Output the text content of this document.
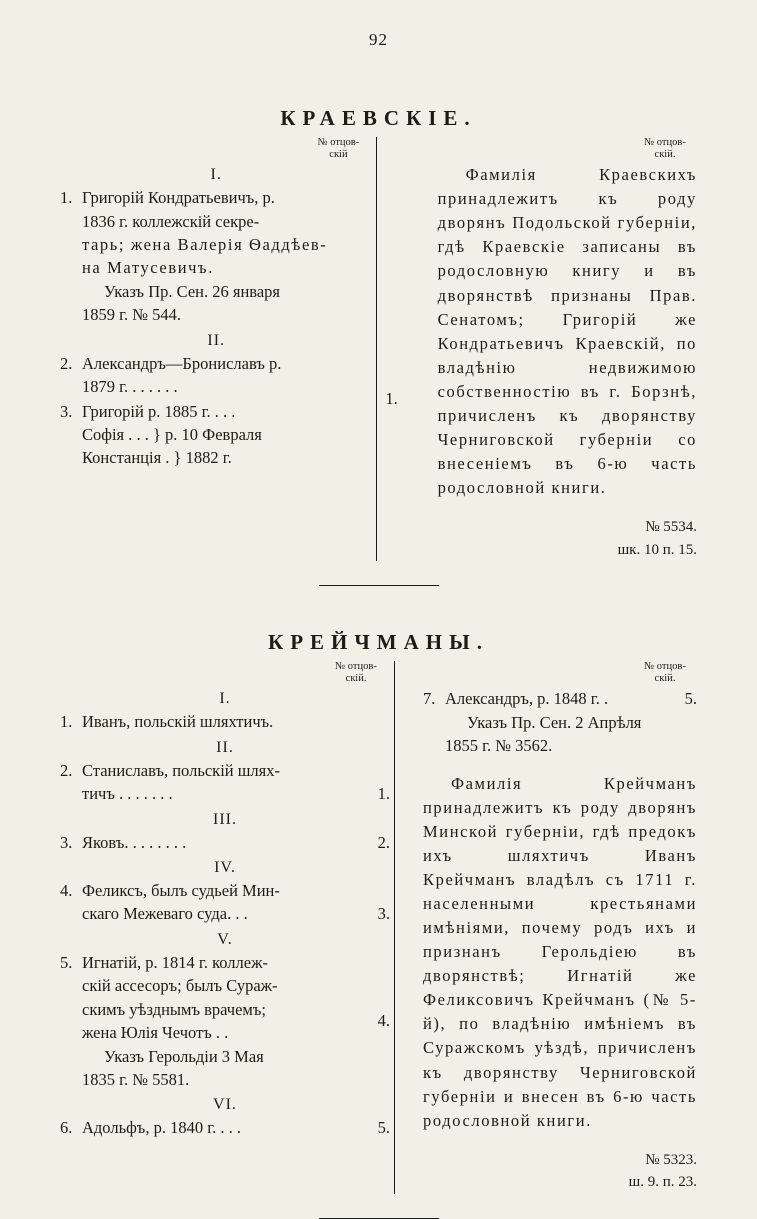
92
КРАЕВСКІЕ.
№ отцов-
скій
I.
1. Григорій Кондратьевичъ, р.
1836 г. коллежскій секре-
тарь; жена Валерія Ѳаддѣев-
на Матусевичъ.
Указъ Пр. Сен. 26 января
1859 г. № 544.
II.
2. Александръ—Брониславъ р.
1879 г. . . . . . .
3. Григорій р. 1885 г. . . .
Софія . . . } р. 10 Февраля
Констанція . } 1882 г.
1.
№ отцов-
скій.

Фамилія Краевскихъ принадлежитъ къ роду дворянъ Подольской губерніи, гдѣ Краевскіе записаны въ родословную книгу и въ дворянствѣ признаны Прав. Сенатомъ; Григорій же Кондратьевичъ Краевскій, по владѣнію недвижимою собственностію въ г. Борзнѣ, причисленъ къ дворянству Черниговской губерніи со внесеніемъ въ 6-ю часть родословной книги.

№ 5534.
шк. 10 п. 15.
КРЕЙЧМАНЫ.
№ отцов-
скій.
I.
1. Иванъ, польскій шляхтичъ.
II.
2. Станиславъ, польскій шлях-
тичъ . . . . . . .	1.
III.
3. Яковъ. . . . . . . .	2.
IV.
4. Феликсъ, былъ судьей Мин-
скаго Межеваго суда. . .	3.
V.
5. Игнатій, р. 1814 г. коллеж-
скій ассесоръ; былъ Сураж-
скимъ уѣзднымъ врачемъ;
жена Юлія Чечотъ . .
Указъ Герольдіи 3 Мая
1835 г. № 5581.
4.
VI.
6. Адольфъ, р. 1840 г. . . .	5.
№ отцов-
скій.
7. Александръ, р. 1848 г. .	5.
Указъ Пр. Сен. 2 Апрѣля
1855 г. № 3562.

Фамилія Крейчманъ принадлежитъ къ роду дворянъ Минской губерніи, гдѣ предокъ ихъ шляхтичъ Иванъ Крейчманъ владѣлъ съ 1711 г. населенными крестьянами имѣніями, почему родъ ихъ и признанъ Герольдіею въ дворянствѣ; Игнатій же Феликсовичъ Крейчманъ (№ 5-й), по владѣнію имѣніемъ въ Суражскомъ уѣздѣ, причисленъ къ дворянству Черниговской губерніи и внесен въ 6-ю часть родословной книги.

№ 5323.
ш. 9. п. 23.
